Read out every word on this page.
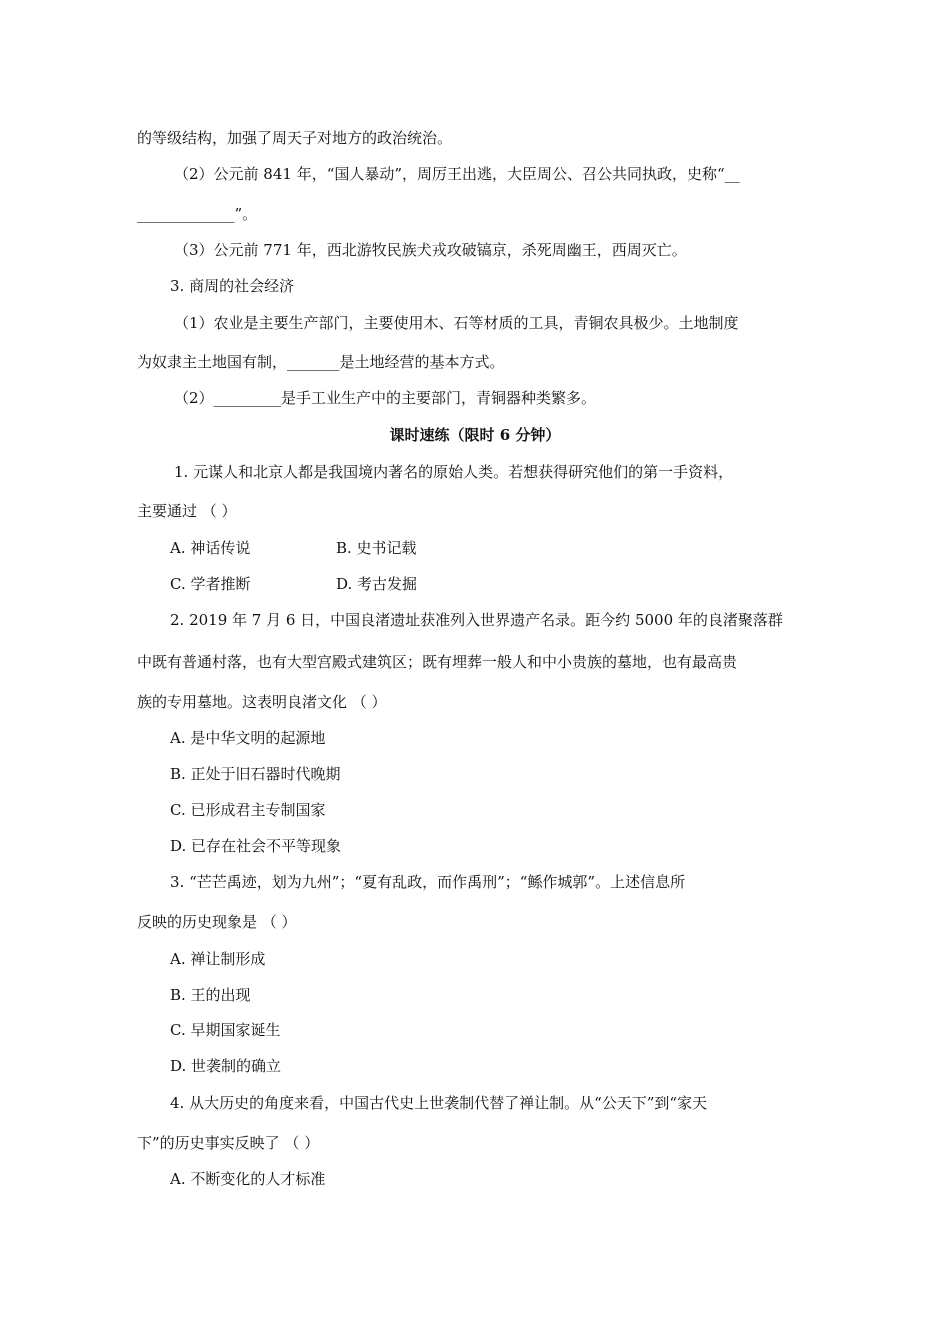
的等级结构，加强了周天子对地方的政治统治。
（2）公元前 841 年，“国人暴动”，周厉王出逃，大臣周公、召公共同执政，史称“__
_____________”。
（3）公元前 771 年，西北游牧民族犬戎攻破镐京，杀死周幽王，西周灭亡。
3. 商周的社会经济
（1）农业是主要生产部门，主要使用木、石等材质的工具，青铜农具极少。土地制度
为奴隶主土地国有制，_______是土地经营的基本方式。
（2）_________是手工业生产中的主要部门，青铜器种类繁多。
课时速练（限时 6 分钟）
1. 元谋人和北京人都是我国境内著名的原始人类。若想获得研究他们的第一手资料，
主要通过 （ ）
A. 神话传说	B. 史书记载
C. 学者推断	D. 考古发掘
2. 2019 年 7 月 6 日，中国良渚遗址获准列入世界遗产名录。距今约 5000 年的良渚聚落群
中既有普通村落，也有大型宫殿式建筑区；既有埋葬一般人和中小贵族的墓地，也有最高贵
族的专用墓地。这表明良渚文化 （ ）
A. 是中华文明的起源地
B. 正处于旧石器时代晚期
C. 已形成君主专制国家
D. 已存在社会不平等现象
3. “芒芒禹迹，划为九州”；“夏有乱政，而作禹刑”；“鲧作城郭”。上述信息所
反映的历史现象是 （ ）
A. 禅让制形成
B. 王的出现
C. 早期国家诞生
D. 世袭制的确立
4. 从大历史的角度来看，中国古代史上世袭制代替了禅让制。从“公天下”到“家天
下”的历史事实反映了 （ ）
A. 不断变化的人才标准
